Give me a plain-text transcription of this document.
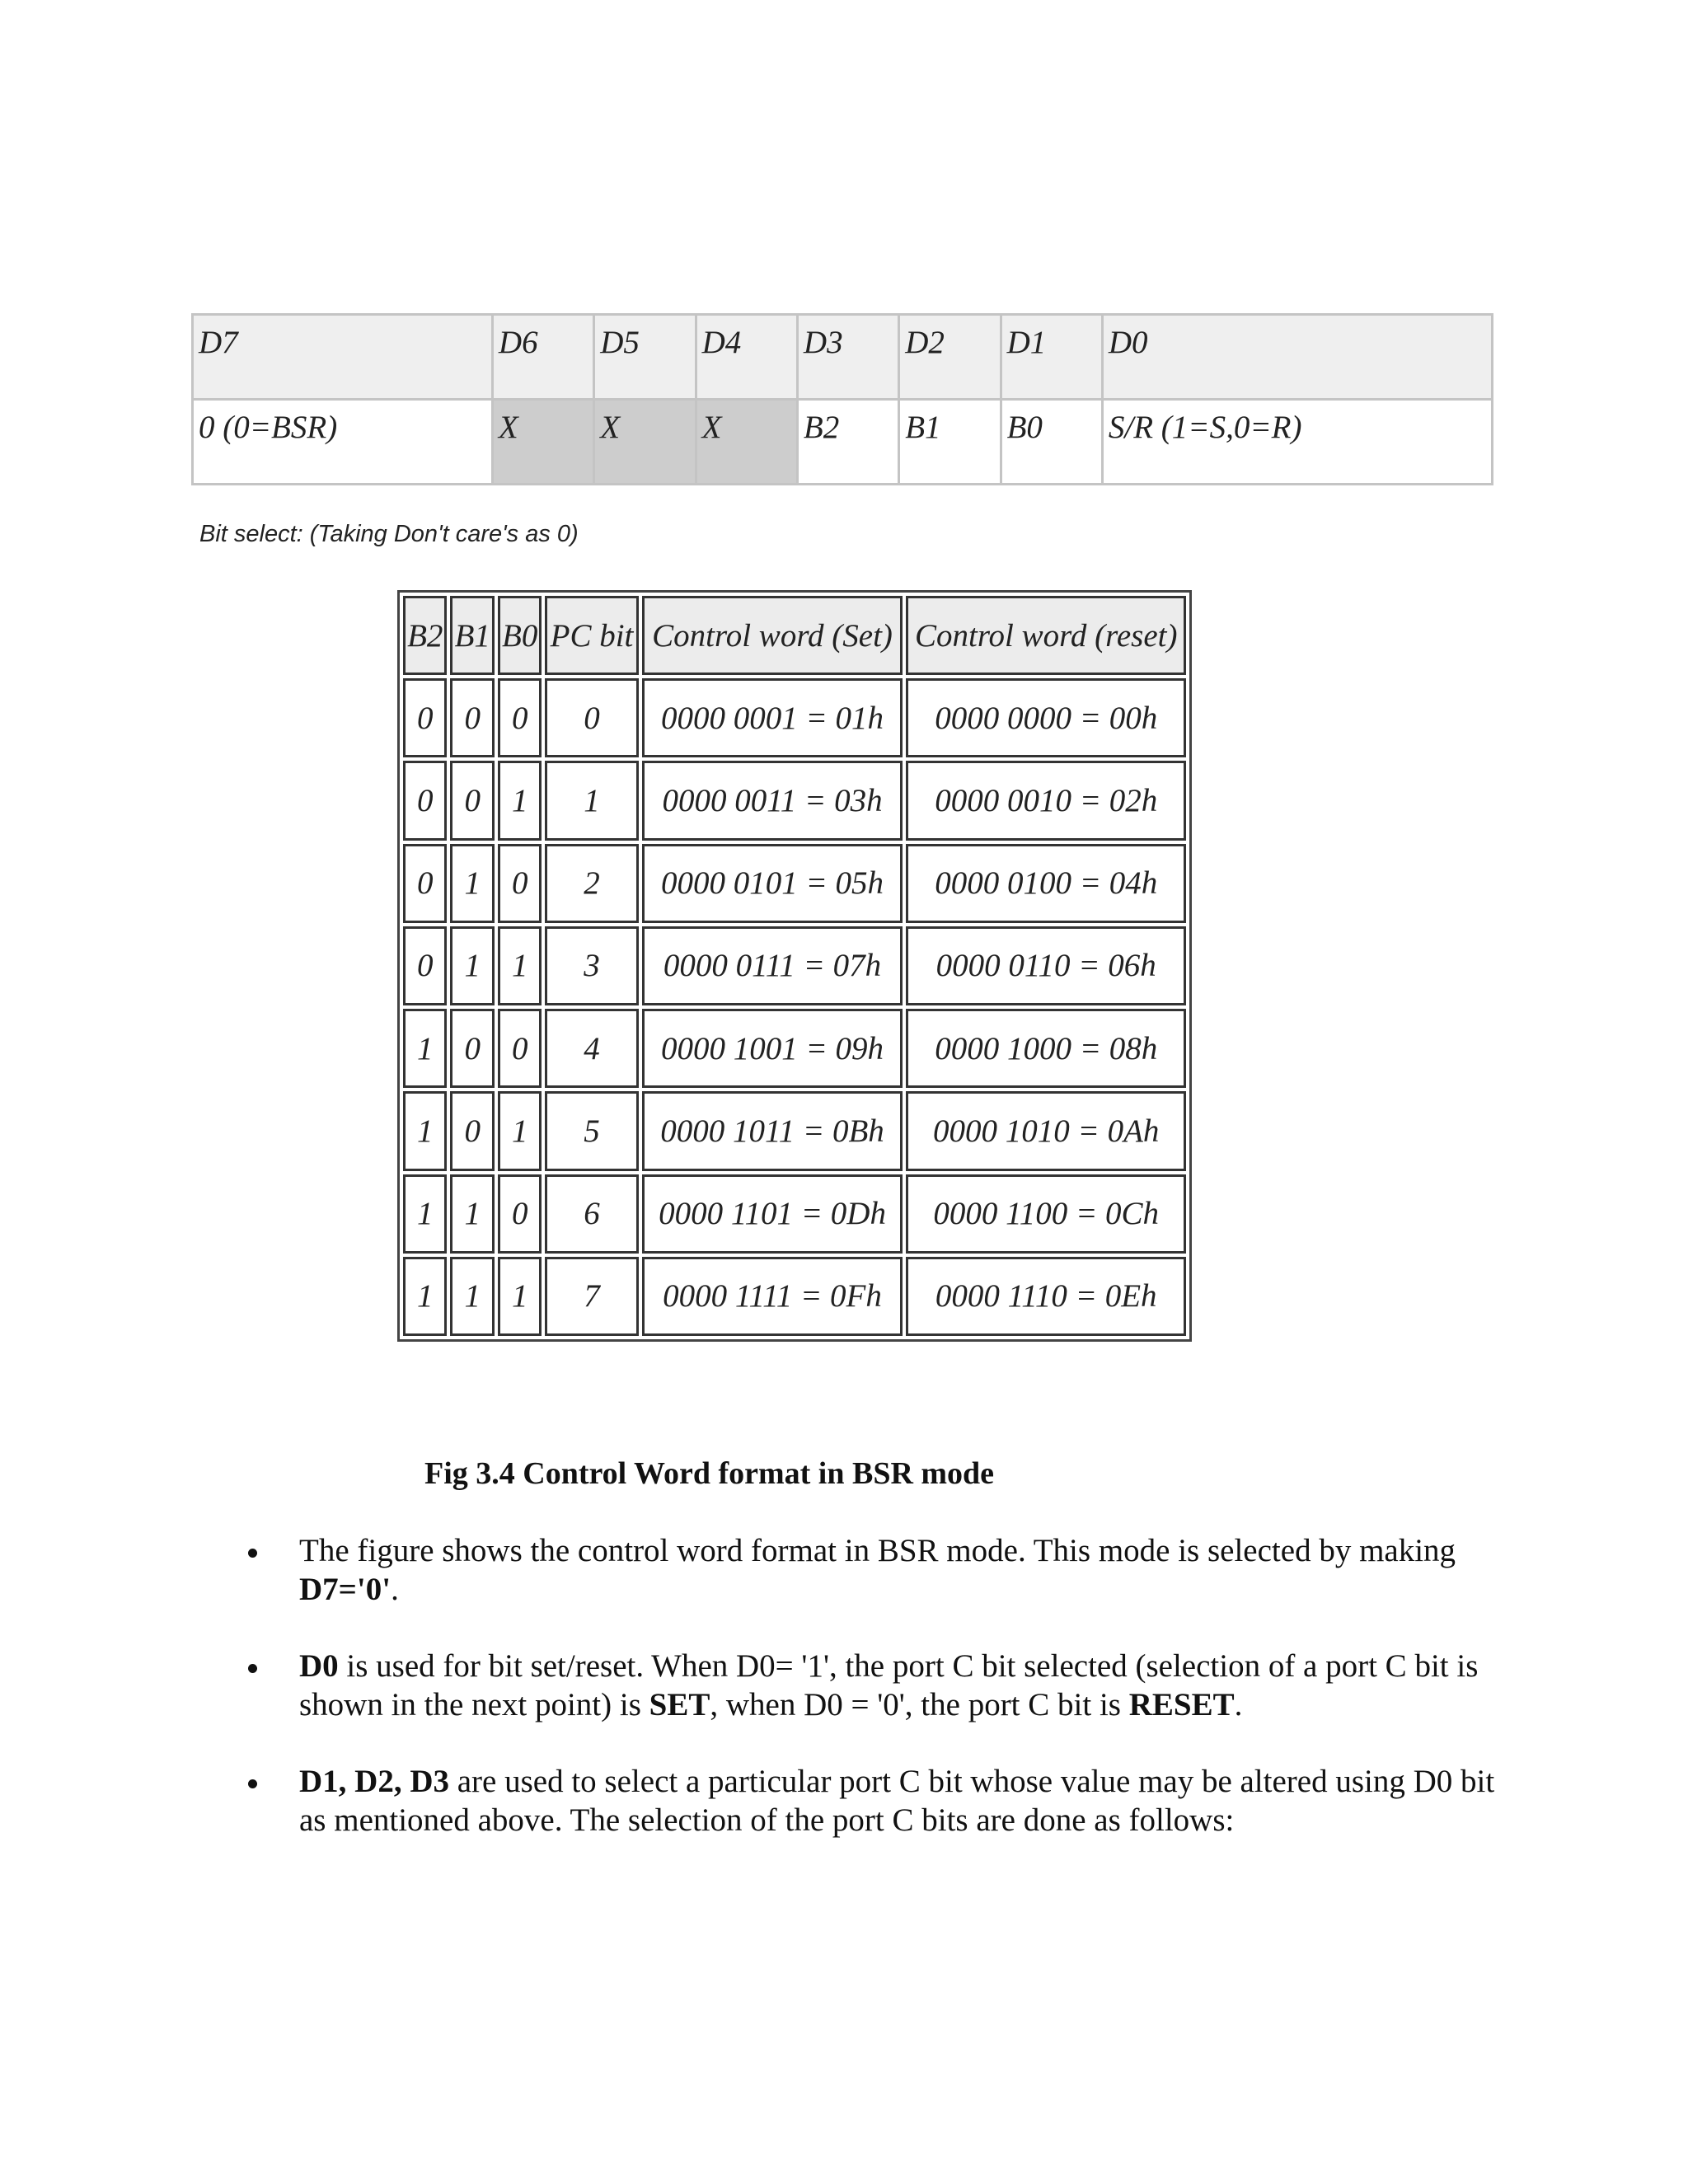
D7	D6	D5	D4	D3	D2	D1	D0
0 (0=BSR)	X	X	X	B2	B1	B0	S/R (1=S,0=R)
Bit select: (Taking Don't care's as 0)
B2	B1	B0	PC bit	Control word (Set)	Control word (reset)
0	0	0	0	0000 0001 = 01h	0000 0000 = 00h
0	0	1	1	0000 0011 = 03h	0000 0010 = 02h
0	1	0	2	0000 0101 = 05h	0000 0100 = 04h
0	1	1	3	0000 0111 = 07h	0000 0110 = 06h
1	0	0	4	0000 1001 = 09h	0000 1000 = 08h
1	0	1	5	0000 1011 = 0Bh	0000 1010 = 0Ah
1	1	0	6	0000 1101 = 0Dh	0000 1100 = 0Ch
1	1	1	7	0000 1111 = 0Fh	0000 1110 = 0Eh
Fig 3.4 Control Word format in BSR mode
The figure shows the control word format in BSR mode. This mode is selected by making D7='0'.
D0 is used for bit set/reset. When D0= '1', the port C bit selected (selection of a port C bit is shown in the next point) is SET, when D0 = '0', the port C bit is RESET.
D1, D2, D3 are used to select a particular port C bit whose value may be altered using D0 bit as mentioned above. The selection of the port C bits are done as follows:
